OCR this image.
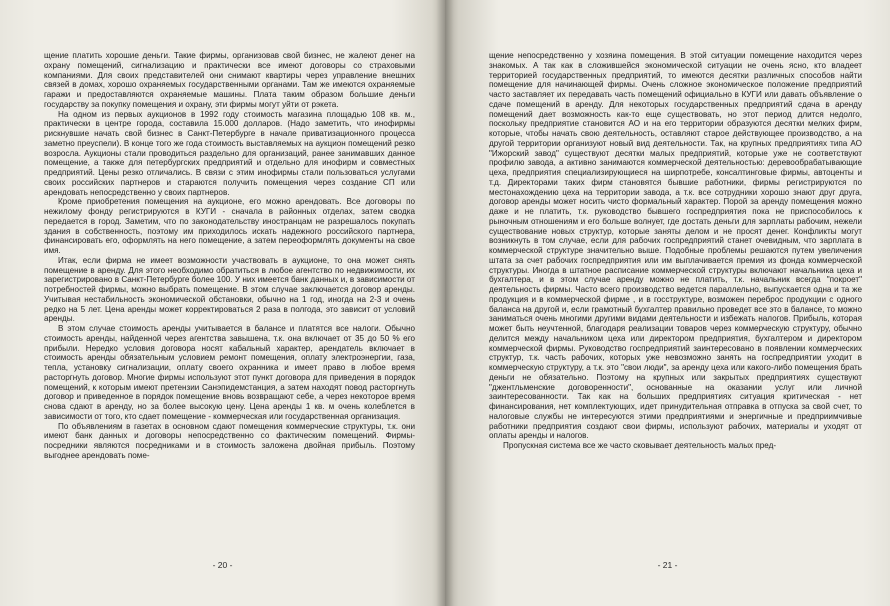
щение платить хорошие деньги. Такие фирмы, организовав свой бизнес, не жалеют денег на охрану помещений, сигнализацию и практически все имеют договоры со страховыми компаниями. Для своих представителей они снимают квартиры через управление внешних связей в домах, хорошо охраняемых государственными органами. Там же имеются охраняемые гаражи и предоставляются охраняемые машины. Плата таким образом большие деньги государству за покупку помещения и охрану, эти фирмы могут уйти от рэкета.

На одном из первых аукционов в 1992 году стоимость магазина площадью 108 кв. м., практически в центре города, составила 15.000 долларов. (Надо заметить, что инофирмы рискнувшие начать свой бизнес в Санкт-Петербурге в начале приватизационного процесса заметно преуспели). В конце того же года стоимость выставляемых на аукцион помещений резко возросла. Аукционы стали проводиться раздельно для организаций, ранее занимавших данное помещение, а также для петербургских предприятий и отдельно для инофирм и совместных предприятий. Цены резко отличались. В связи с этим инофирмы стали пользоваться услугами своих российских партнеров и стараются получить помещения через создание СП или арендовать непосредственно у своих партнеров.

Кроме приобретения помещения на аукционе, его можно арендовать. Все договоры по нежилому фонду регистрируются в КУГИ - сначала в районных отделах, затем сводка передается в город. Заметим, что по законодательству иностранцам не разрешалось покупать здания в собственность, поэтому им приходилось искать надежного российского партнера, финансировать его, оформлять на него помещение, а затем переоформлять документы на свое имя.

Итак, если фирма не имеет возможности участвовать в аукционе, то она может снять помещение в аренду. Для этого необходимо обратиться в любое агентство по недвижимости, их зарегистрировано в Санкт-Петербурге более 100. У них имеется банк данных и, в зависимости от потребностей фирмы, можно выбрать помещение. В этом случае заключается договор аренды. Учитывая нестабильность экономической обстановки, обычно на 1 год, иногда на 2-3 и очень редко на 5 лет. Цена аренды может корректироваться 2 раза в полгода, это зависит от условий аренды.

В этом случае стоимость аренды учитывается в балансе и платятся все налоги. Обычно стоимость аренды, найденной через агентства завышена, т.к. она включает от 35 до 50 % его прибыли. Нередко условия договора носят кабальный характер, арендатель включает в стоимость аренды обязательным условием ремонт помещения, оплату электроэнергии, газа, тепла, установку сигнализации, оплату своего охранника и имеет право в любое время расторгнуть договор. Многие фирмы используют этот пункт договора для приведения в порядок помещений, к которым имеют претензии Санэпидемстанция, а затем находят повод расторгнуть договор и приведенное в порядок помещение вновь возвращают себе, а через некоторое время снова сдают в аренду, но за более высокую цену. Цена аренды 1 кв. м очень колеблется в зависимости от того, кто сдает помещение - коммерческая или государственная организация.

По объявлениям в газетах в основном сдают помещения коммерческие структуры, т.к. они имеют банк данных и договоры непосредственно со фактическим помещений. Фирмы-посредники являются посредниками и в стоимость заложена двойная прибыль. Поэтому выгоднее арендовать поме-

- 20 -

щение непосредственно у хозяина помещения. В этой ситуации помещение находится через знакомых. А так как в сложившейся экономической ситуации не очень ясно, кто владеет территорией государственных предприятий, то имеются десятки различных способов найти помещение для начинающей фирмы. Очень сложное экономическое положение предприятий часто заставляет их передавать часть помещений официально в КУГИ или давать объявление о сдаче помещений в аренду. Для некоторых государственных предприятий сдача в аренду помещений дает возможность как-то еще существовать, но этот период длится недолго, поскольку предприятие становится АО и на его территории образуются десятки мелких фирм, которые, чтобы начать свою деятельность, оставляют старое действующее производство, а на другой территории организуют новый вид деятельности. Так, на крупных предприятиях типа АО "Ижорский завод" существуют десятки малых предприятий, которые уже не соответствуют профилю завода, а активно занимаются коммерческой деятельностью: деревообрабатывающие цеха, предприятия специализирующиеся на ширпотребе, консалтинговые фирмы, автоценты и т.д. Директорами таких фирм становятся бывшие работники, фирмы регистрируются по местонахождению цеха на территории завода, а т.к. все сотрудники хорошо знают друг друга, договор аренды может носить чисто формальный характер. Порой за аренду помещения можно даже и не платить, т.к. руководство бывшего госпредприятия пока не приспособилось к рыночным отношениям и его больше волнует, где достать деньги для зарплаты рабочим, нежели существование новых структур, которые заняты делом и не просят денег. Конфликты могут возникнуть в том случае, если для рабочих госпредприятий станет очевидным, что зарплата в коммерческой структуре значительно выше. Подобные проблемы решаются путем увеличения штата за счет рабочих госпредприятия или им выплачивается премия из фонда коммерческой структуры. Иногда в штатное расписание коммерческой структуры включают начальника цеха и бухгалтера, и в этом случае аренду можно не платить, т.к. начальник всегда "покроет" деятельность фирмы. Часто всего производство ведется параллельно, выпускается одна и та же продукция и в коммерческой фирме , и в госструктуре, возможен переброс продукции с одного баланса на другой и, если грамотный бухгалтер правильно проведет все это в балансе, то можно заниматься очень многими другими видами деятельности и избежать налогов. Прибыль, которая может быть неучтенной, благодаря реализации товаров через коммерческую структуру, обычно делится между начальником цеха или директором предприятия, бухгалтером и директором коммерческой фирмы. Руководство госпредприятий заинтересовано в появлении коммерческих структур, т.к. часть рабочих, которых уже невозможно занять на госпредприятии уходит в коммерческую структуру, а т.к. это "свои люди", за аренду цеха или какого-либо помещения брать деньги не обязательно. Поэтому на крупных или закрытых предприятиях существуют "джентльменские договоренности", основанные на оказании услуг или личной заинтересованности. Так как на больших предприятиях ситуация критическая - нет финансирования, нет комплектующих, идет принудительная отправка в отпуска за свой счет, то налоговые службы не интересуются этими предприятиями и энергичные и предприимчивые работники предприятия создают свои фирмы, используют рабочих, материалы и уходят от оплаты аренды и налогов.

Пропускная система все же часто сковывает деятельность малых пред-

- 21 -
